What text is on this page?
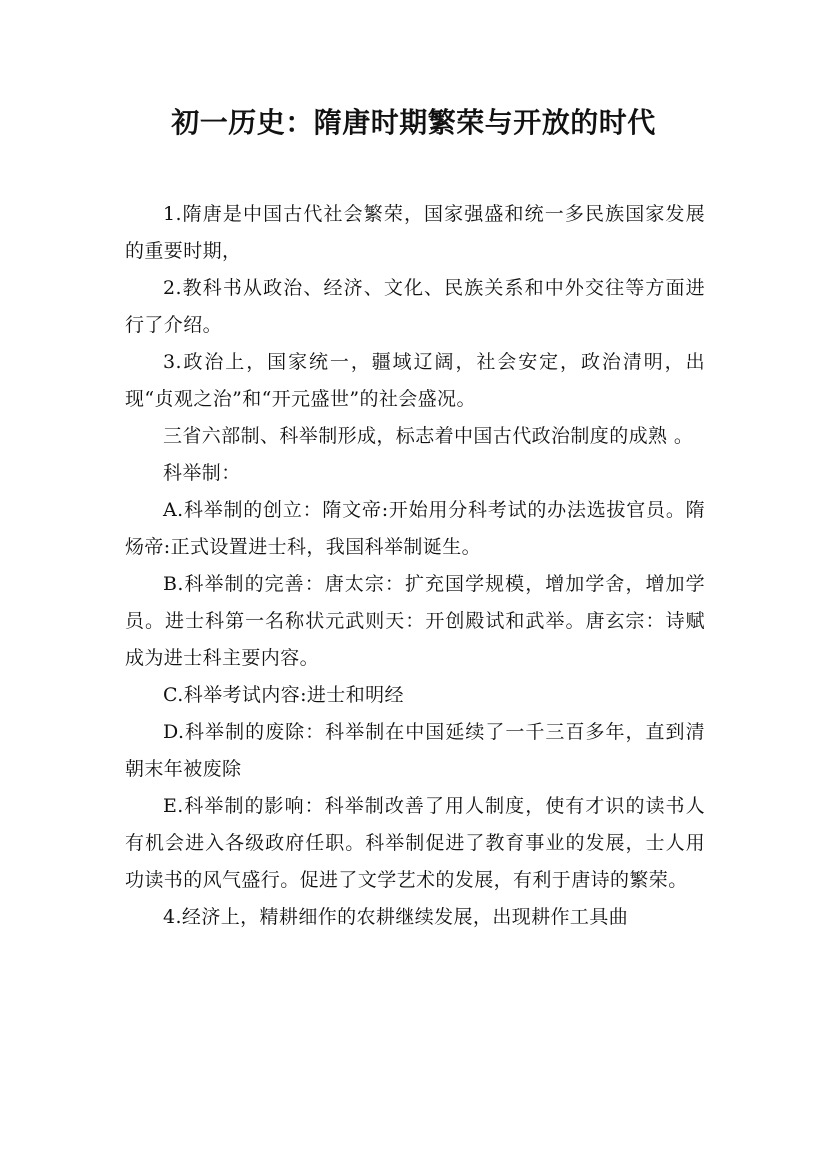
初一历史：隋唐时期繁荣与开放的时代

1.隋唐是中国古代社会繁荣，国家强盛和统一多民族国家发展的重要时期，

2.教科书从政治、经济、文化、民族关系和中外交往等方面进行了介绍。

3.政治上，国家统一，疆域辽阔，社会安定，政治清明，出现“贞观之治”和“开元盛世”的社会盛况。

三省六部制、科举制形成，标志着中国古代政治制度的成熟 。

科举制：

A.科举制的创立：隋文帝:开始用分科考试的办法选拔官员。隋炀帝:正式设置进士科，我国科举制诞生。

B.科举制的完善：唐太宗：扩充国学规模，增加学舍，增加学员。进士科第一名称状元武则天：开创殿试和武举。唐玄宗：诗赋成为进士科主要内容。

C.科举考试内容:进士和明经

D.科举制的废除：科举制在中国延续了一千三百多年，直到清朝末年被废除

E.科举制的影响：科举制改善了用人制度，使有才识的读书人有机会进入各级政府任职。科举制促进了教育事业的发展，士人用功读书的风气盛行。促进了文学艺术的发展，有利于唐诗的繁荣。

4.经济上，精耕细作的农耕继续发展，出现耕作工具曲
